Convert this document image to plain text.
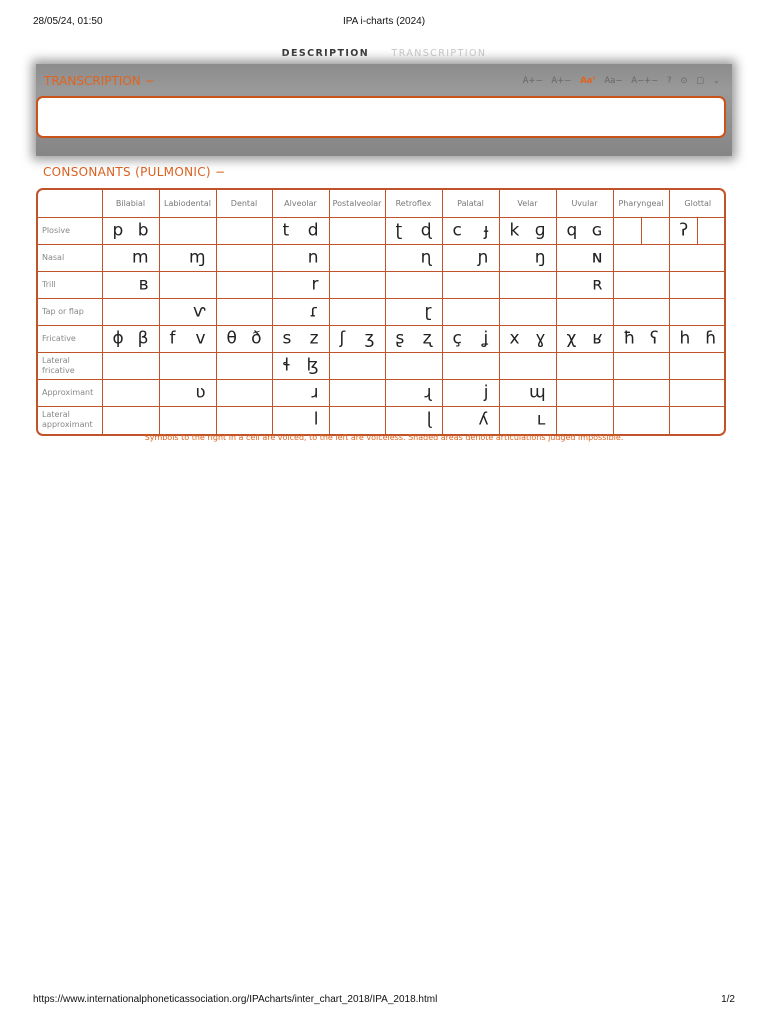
28/05/24, 01:50	IPA i-charts (2024)
DESCRIPTION TRANSCRIPTION
TRANSCRIPTION −	A+− A+− Aa’ Aa− A−+− ? ⊙ ▢ ⌄
CONSONANTS (PULMONIC) −
	Bilabial	Labiodental	Dental	Alveolar	Postalveolar	Retroflex	Palatal	Velar	Uvular	Pharyngeal	Glottal
Plosive	p b			t d		ʈ ɖ	c ɟ	k ɡ	q ɢ		ʔ

Nasal	m	ɱ		n		ɳ	ɲ	ŋ	ɴ		

Trill	ʙ			r					ʀ		

Tap or flap		ⱱ		ɾ		ɽ					

Fricative	ɸ β	f v	θ ð	s z	ʃ ʒ	ʂ ʐ	ç ʝ	x ɣ	χ ʁ	ħ ʕ	h ɦ

Lateral fricative				ɬ ɮ							

Approximant		ʋ		ɹ		ɻ	j	ɰ			

Lateral approximant				l		ɭ	ʎ	ʟ			

Symbols to the right in a cell are voiced, to the left are voiceless. Shaded areas denote articulations judged impossible.
https://www.internationalphoneticassociation.org/IPAcharts/inter_chart_2018/IPA_2018.html	1/2
